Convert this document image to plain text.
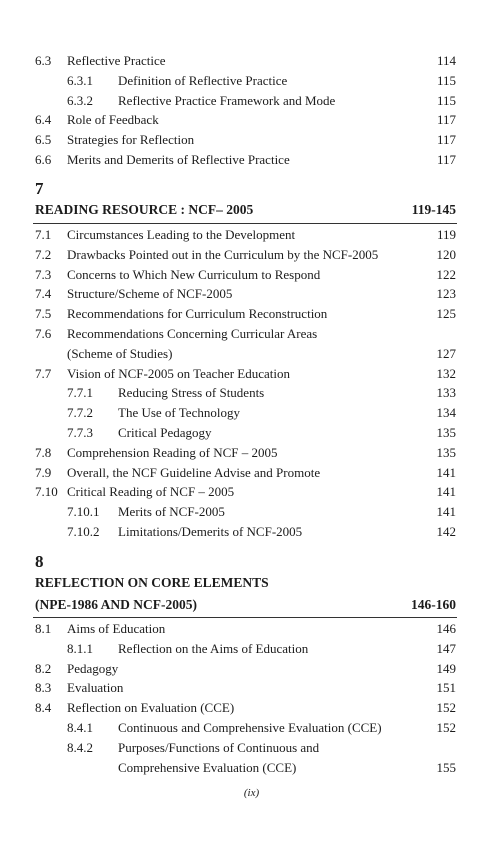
6.3 Reflective Practice	114
6.3.1 Definition of Reflective Practice	115
6.3.2 Reflective Practice Framework and Mode	115
6.4 Role of Feedback	117
6.5 Strategies for Reflection	117
6.6 Merits and Demerits of Reflective Practice	117
7
READING RESOURCE : NCF– 2005	119-145
7.1 Circumstances Leading to the Development	119
7.2 Drawbacks Pointed out in the Curriculum by the NCF-2005	120
7.3 Concerns to Which New Curriculum to Respond	122
7.4 Structure/Scheme of NCF-2005	123
7.5 Recommendations for Curriculum Reconstruction	125
7.6 Recommendations Concerning Curricular Areas
(Scheme of Studies)	127
7.7 Vision of NCF-2005 on Teacher Education	132
7.7.1 Reducing Stress of Students	133
7.7.2 The Use of Technology	134
7.7.3 Critical Pedagogy	135
7.8 Comprehension Reading of NCF – 2005	135
7.9 Overall, the NCF Guideline Advise and Promote	141
7.10 Critical Reading of NCF – 2005	141
7.10.1 Merits of NCF-2005	141
7.10.2 Limitations/Demerits of NCF-2005	142
8
REFLECTION ON CORE ELEMENTS
(NPE-1986 AND NCF-2005)	146-160
8.1 Aims of Education	146
8.1.1 Reflection on the Aims of Education	147
8.2 Pedagogy	149
8.3 Evaluation	151
8.4 Reflection on Evaluation (CCE)	152
8.4.1 Continuous and Comprehensive Evaluation (CCE)	152
8.4.2 Purposes/Functions of Continuous and
Comprehensive Evaluation (CCE)	155
(ix)
